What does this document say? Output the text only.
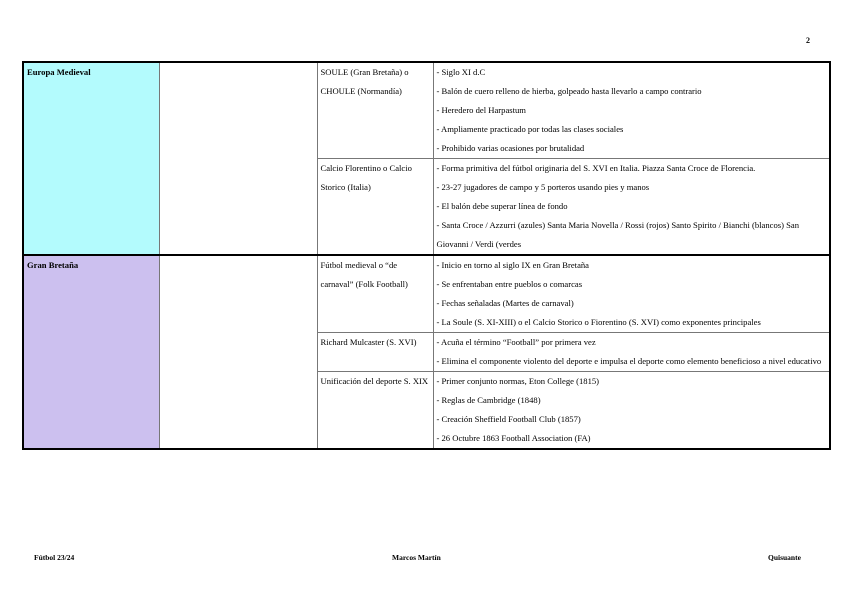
2
Europa Medieval		SOULE (Gran Bretaña) o CHOULE (Normandía)	- Siglo XI d.C
- Balón de cuero relleno de hierba, golpeado hasta llevarlo a campo contrario
- Heredero del Harpastum
- Ampliamente practicado por todas las clases sociales
- Prohibido varias ocasiones por brutalidad

		Calcio Florentino o Calcio Storico (Italia)	- Forma primitiva del fútbol originaria del S. XVI en Italia. Piazza Santa Croce de Florencia.
- 23-27 jugadores de campo y 5 porteros usando pies y manos
- El balón debe superar línea de fondo
- Santa Croce / Azzurri (azules) Santa Maria Novella / Rossi (rojos) Santo Spirito / Bianchi (blancos) San Giovanni / Verdi (verdes

Gran Bretaña		Fútbol medieval o “de carnaval” (Folk Football)	- Inicio en torno al siglo IX en Gran Bretaña
- Se enfrentaban entre pueblos o comarcas
- Fechas señaladas (Martes de carnaval)
- La Soule (S. XI-XIII) o el Calcio Storico o Fiorentino (S. XVI) como exponentes principales

		Richard Mulcaster (S. XVI)	- Acuña el término “Football” por primera vez
- Elimina el componente violento del deporte e impulsa el deporte como elemento beneficioso a nivel educativo

		Unificación del deporte S. XIX	- Primer conjunto normas, Eton College (1815)
- Reglas de Cambridge (1848)
- Creación Sheffield Football Club (1857)
- 26 Octubre 1863 Football Association (FA)
Fútbol 23/24	Marcos Martín	Quisuante
